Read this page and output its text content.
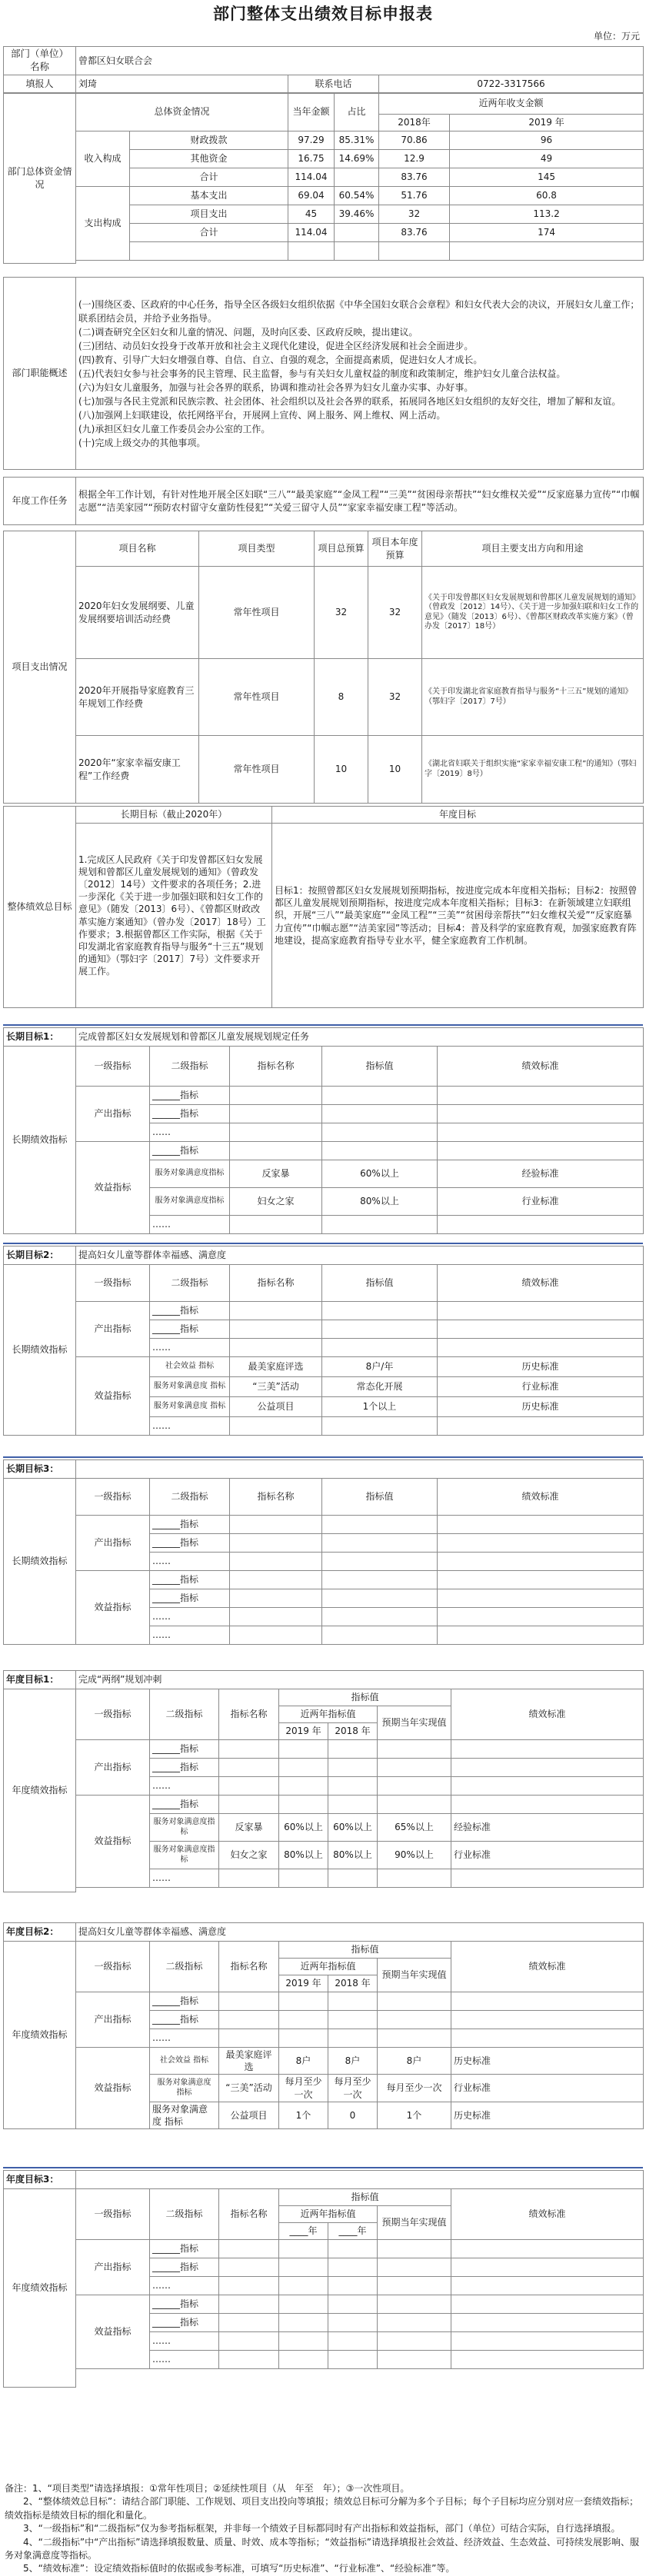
部门整体支出绩效目标申报表
单位：万元
部门（单位）名称	曾都区妇女联合会		
填报人	刘琦	联系电话	0722-3317566
部门总体资金情况	总体资金情况		当年金额	占比	近两年收支金额	
					2018年	2019 年
	收入构成	财政拨款	97.29	85.31%	70.86	96
		其他资金	16.75	14.69%	12.9	49
		合计	114.04		83.76	145
	支出构成	基本支出	69.04	60.54%	51.76	60.8
		项目支出	45	39.46%	32	113.2
		合计	114.04		83.76	174

部门职能概述	
(一)围绕区委、区政府的中心任务，指导全区各级妇女组织依据《中华全国妇女联合会章程》和妇女代表大会的决议，开展妇女儿童工作；联系团结会员，并给予业务指导。
(二)调查研究全区妇女和儿童的情况、问题，及时向区委、区政府反映，提出建议。
(三)团结、动员妇女投身于改革开放和社会主义现代化建设，促进全区经济发展和社会全面进步。
(四)教育、引导广大妇女增强自尊、自信、自立、自强的观念，全面提高素质，促进妇女人才成长。
(五)代表妇女参与社会事务的民主管理、民主监督，参与有关妇女儿童权益的制度和政策制定，维护妇女儿童合法权益。
(六)为妇女儿童服务，加强与社会各界的联系，协调和推动社会各界为妇女儿童办实事、办好事。
(七)加强与各民主党派和民族宗教、社会团体、社会组织以及社会各界的联系，拓展同各地区妇女组织的友好交往，增加了解和友谊。
(八)加强网上妇联建设，依托网络平台，开展网上宣传、网上服务、网上维权、网上活动。
(九)承担区妇女儿童工作委员会办公室的工作。
(十)完成上级交办的其他事项。
年度工作任务	根据全年工作计划，有针对性地开展全区妇联“三八”“最美家庭”“金凤工程”“三美”“贫困母亲帮扶”“妇女维权关爱”“反家庭暴力宣传”“巾帼志愿”“洁美家园”“预防农村留守女童防性侵犯”“关爱三留守人员”“家家幸福安康工程”等活动。
项目支出情况	项目名称	项目类型	项目总预算	项目本年度预算	项目主要支出方向和用途
	2020年妇女发展纲要、儿童发展纲要培训活动经费	常年性项目	32	32	《关于印发曾都区妇女发展规划和曾都区儿童发展规划的通知》（曾政发〔2012〕14号）、《关于进一步加强妇联和妇女工作的意见》（随发〔2013〕6号）、《曾都区财政改革实施方案》（曾办发〔2017〕18号）
	2020年开展指导家庭教育三年规划工作经费	常年性项目	8	32	《关于印发湖北省家庭教育指导与服务“十三五”规划的通知》（鄂妇字〔2017〕7号）
	2020年“家家幸福安康工程”工作经费	常年性项目	10	10	《湖北省妇联关于组织实施“家家幸福安康工程”的通知》（鄂妇字〔2019〕8号）
整体绩效总目标	长期目标（截止2020年）	年度目标
	1.完成区人民政府《关于印发曾都区妇女发展规划和曾都区儿童发展规划的通知》（曾政发〔2012〕14号）文件要求的各项任务；2.进一步深化《关于进一步加强妇联和妇女工作的意见》（随发〔2013〕6号）、《曾都区财政改革实施方案通知》（曾办发〔2017〕18号）工作要求；3.根据曾都区工作实际，根据《关于印发湖北省家庭教育指导与服务“十三五”规划的通知》（鄂妇字〔2017〕7号）文件要求开展工作。	目标1：按照曾都区妇女发展规划预期指标，按进度完成本年度相关指标；目标2：按照曾都区儿童发展规划预期指标，按进度完成本年度相关指标；目标3：在新领域建立妇联组织，开展“三八”“最美家庭”“金凤工程”“三美”“贫困母亲帮扶”“妇女维权关爱”“反家庭暴力宣传”“巾帼志愿”“洁美家园”等活动；目标4：普及科学的家庭教育观，加强家庭教育阵地建设，提高家庭教育指导专业水平，健全家庭教育工作机制。
长期目标1：	完成曾都区妇女发展规划和曾都区儿童发展规划规定任务				
长期绩效指标	一级指标	二级指标	指标名称	指标值	绩效标准
	产出指标	______指标			
		______指标			
		……			
	效益指标	______指标			
		服务对象满意度指标	反家暴	60%以上	经验标准
		服务对象满意度指标	妇女之家	80%以上	行业标准
		……			
长期目标2：	提高妇女儿童等群体幸福感、满意度				
长期绩效指标	一级指标	二级指标	指标名称	指标值	绩效标准
	产出指标	______指标			
		______指标			
		……			
	效益指标	社会效益 指标	最美家庭评选	8户/年	历史标准
		服务对象满意度 指标	“三美”活动	常态化开展	行业标准
		服务对象满意度 指标	公益项目	1个以上	历史标准
		……			
长期目标3：					
长期绩效指标	一级指标	二级指标	指标名称	指标值	绩效标准
	产出指标	______指标			
		______指标			
		……			
	效益指标	______指标			
		______指标			
		……			
		……			
年度目标1：	完成“两纲”规划冲刺						
年度绩效指标	一级指标	二级指标	指标名称	指标值			绩效标准
				近两年指标值		预期当年实现值	
				2019 年	2018 年		
	产出指标	______指标					
		______指标					
		……					
	效益指标	______指标					
		服务对象满意度指标	反家暴	60%以上	60%以上	65%以上	经验标准
		服务对象满意度指标	妇女之家	80%以上	80%以上	90%以上	行业标准
		……					

年度目标2：	提高妇女儿童等群体幸福感、满意度						
年度绩效指标	一级指标	二级指标	指标名称	指标值			绩效标准
				近两年指标值		预期当年实现值	
				2019 年	2018 年		
	产出指标	______指标					
		______指标					
		……					
	效益指标	社会效益 指标	最美家庭评选	8户	8户	8户	历史标准
		服务对象满意度 指标	“三美”活动	每月至少一次	每月至少一次	每月至少一次	行业标准
		服务对象满意度 指标	公益项目	1个	0	1个	历史标准
年度目标3：							
年度绩效指标	一级指标	二级指标	指标名称	指标值			绩效标准
				近两年指标值		预期当年实现值	
				____年	____年		
	产出指标	______指标					
		______指标					
		……					
	效益指标	______指标					
		______指标					
		……					
		……					

备注：1、“项目类型”请选择填报：①常年性项目；②延续性项目（从　年至　年）；③一次性项目。
　　2、“整体绩效总目标”：请结合部门职能、工作规划、项目支出投向等填报；绩效总目标可分解为多个子目标；每个子目标均应分别对应一套绩效指标；绩效指标是绩效目标的细化和量化。
　　3、“一级指标”和“二级指标”仅为参考指标框架，并非每一个绩效子目标都同时有产出指标和效益指标，部门（单位）可结合实际，自行选择填报。
　　4、“二级指标”中“产出指标”请选择填报数量、质量、时效、成本等指标；“效益指标”请选择填报社会效益、经济效益、生态效益、可持续发展影响、服务对象满意度等指标。
　　5、“绩效标准”：设定绩效指标值时的依据或参考标准，可填写“历史标准”、“行业标准”、“经验标准”等。
